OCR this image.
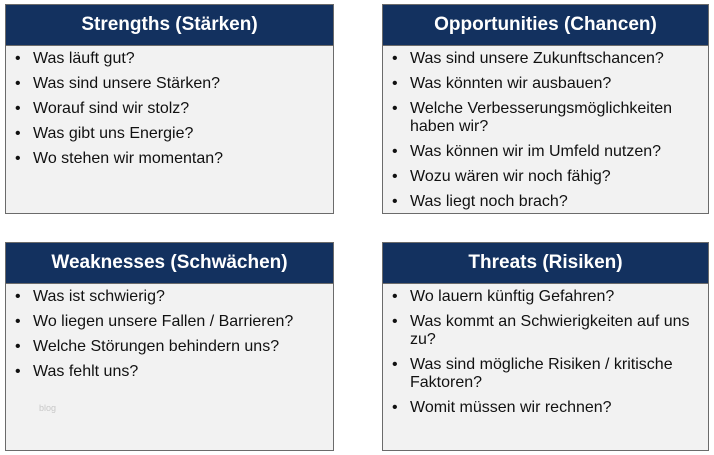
Strengths (Stärken)
• Was läuft gut?
• Was sind unsere Stärken?
• Worauf sind wir stolz?
• Was gibt uns Energie?
• Wo stehen wir momentan?
Opportunities (Chancen)
• Was sind unsere Zukunftschancen?
• Was könnten wir ausbauen?
• Welche Verbesserungsmöglichkeiten haben wir?
• Was können wir im Umfeld nutzen?
• Wozu wären wir noch fähig?
• Was liegt noch brach?
Weaknesses (Schwächen)
• Was ist schwierig?
• Wo liegen unsere Fallen / Barrieren?
• Welche Störungen behindern uns?
• Was fehlt uns?
Threats (Risiken)
• Wo lauern künftig Gefahren?
• Was kommt an Schwierigkeiten auf uns zu?
• Was sind mögliche Risiken / kritische Faktoren?
• Womit müssen wir rechnen?
blog
